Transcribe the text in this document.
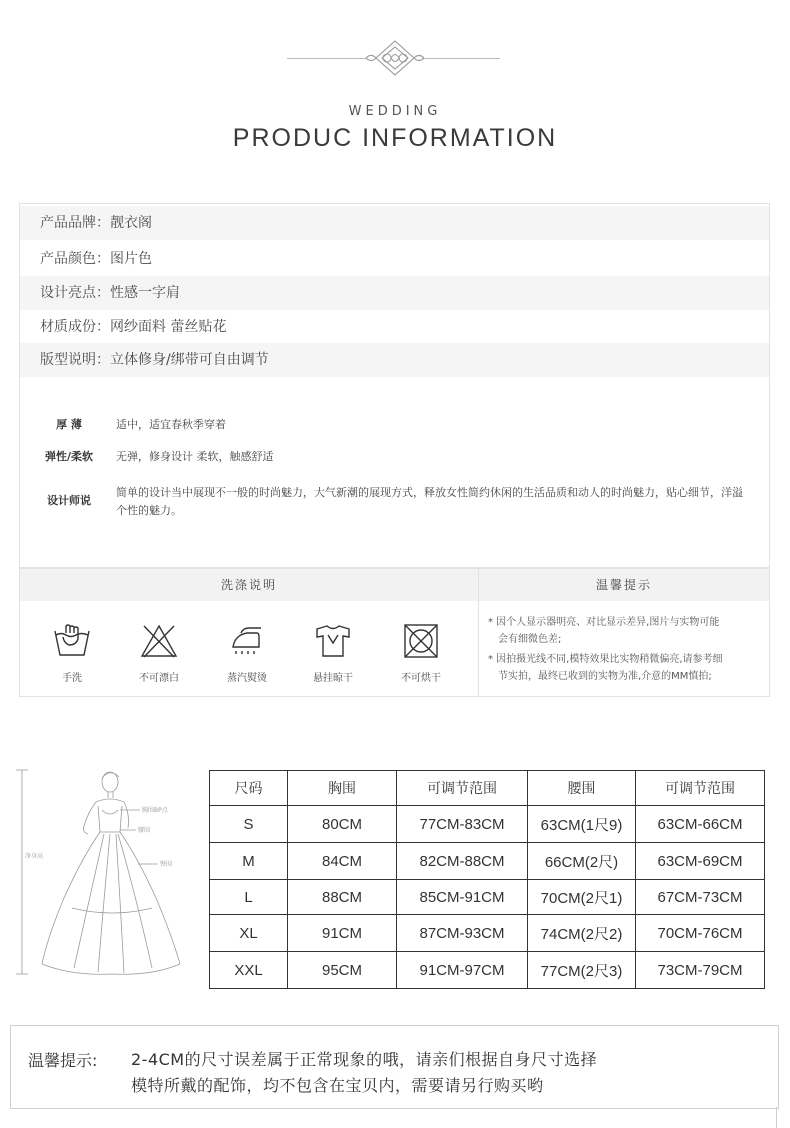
WEDDING
PRODUC INFORMATION
产品品牌：靓衣阁
产品颜色：图片色
设计亮点：性感一字肩
材质成份：网纱面料 蕾丝贴花
版型说明：立体修身/绑带可自由调节
厚 薄	适中，适宜春秋季穿着
弹性/柔软	无弹，修身设计 柔软，触感舒适
设计师说
简单的设计当中展现不一般的时尚魅力，大气新潮的展现方式，释放女性简约休闲的生活品质和动人的时尚魅力，贴心细节，洋溢个性的魅力。
洗涤说明	温馨提示
手洗	不可漂白	蒸汽熨烫	悬挂晾干	不可烘干
* 因个人显示器明亮、对比显示差异,图片与实物可能
会有细微色差;
* 因拍摄光线不同,模特效果比实物稍微偏亮,请参考细
节实拍，最终已收到的实物为准,介意的MM慎拍;
胸围BP点
腰围
臀围
净身高
尺码	胸围	可调节范围	腰围	可调节范围
S	80CM	77CM-83CM	63CM(1尺9)	63CM-66CM
M	84CM	82CM-88CM	66CM(2尺)	63CM-69CM
L	88CM	85CM-91CM	70CM(2尺1)	67CM-73CM
XL	91CM	87CM-93CM	74CM(2尺2)	70CM-76CM
XXL	95CM	91CM-97CM	77CM(2尺3)	73CM-79CM
温馨提示: 2-4CM的尺寸误差属于正常现象的哦，请亲们根据自身尺寸选择
模特所戴的配饰，均不包含在宝贝内，需要请另行购买哟
